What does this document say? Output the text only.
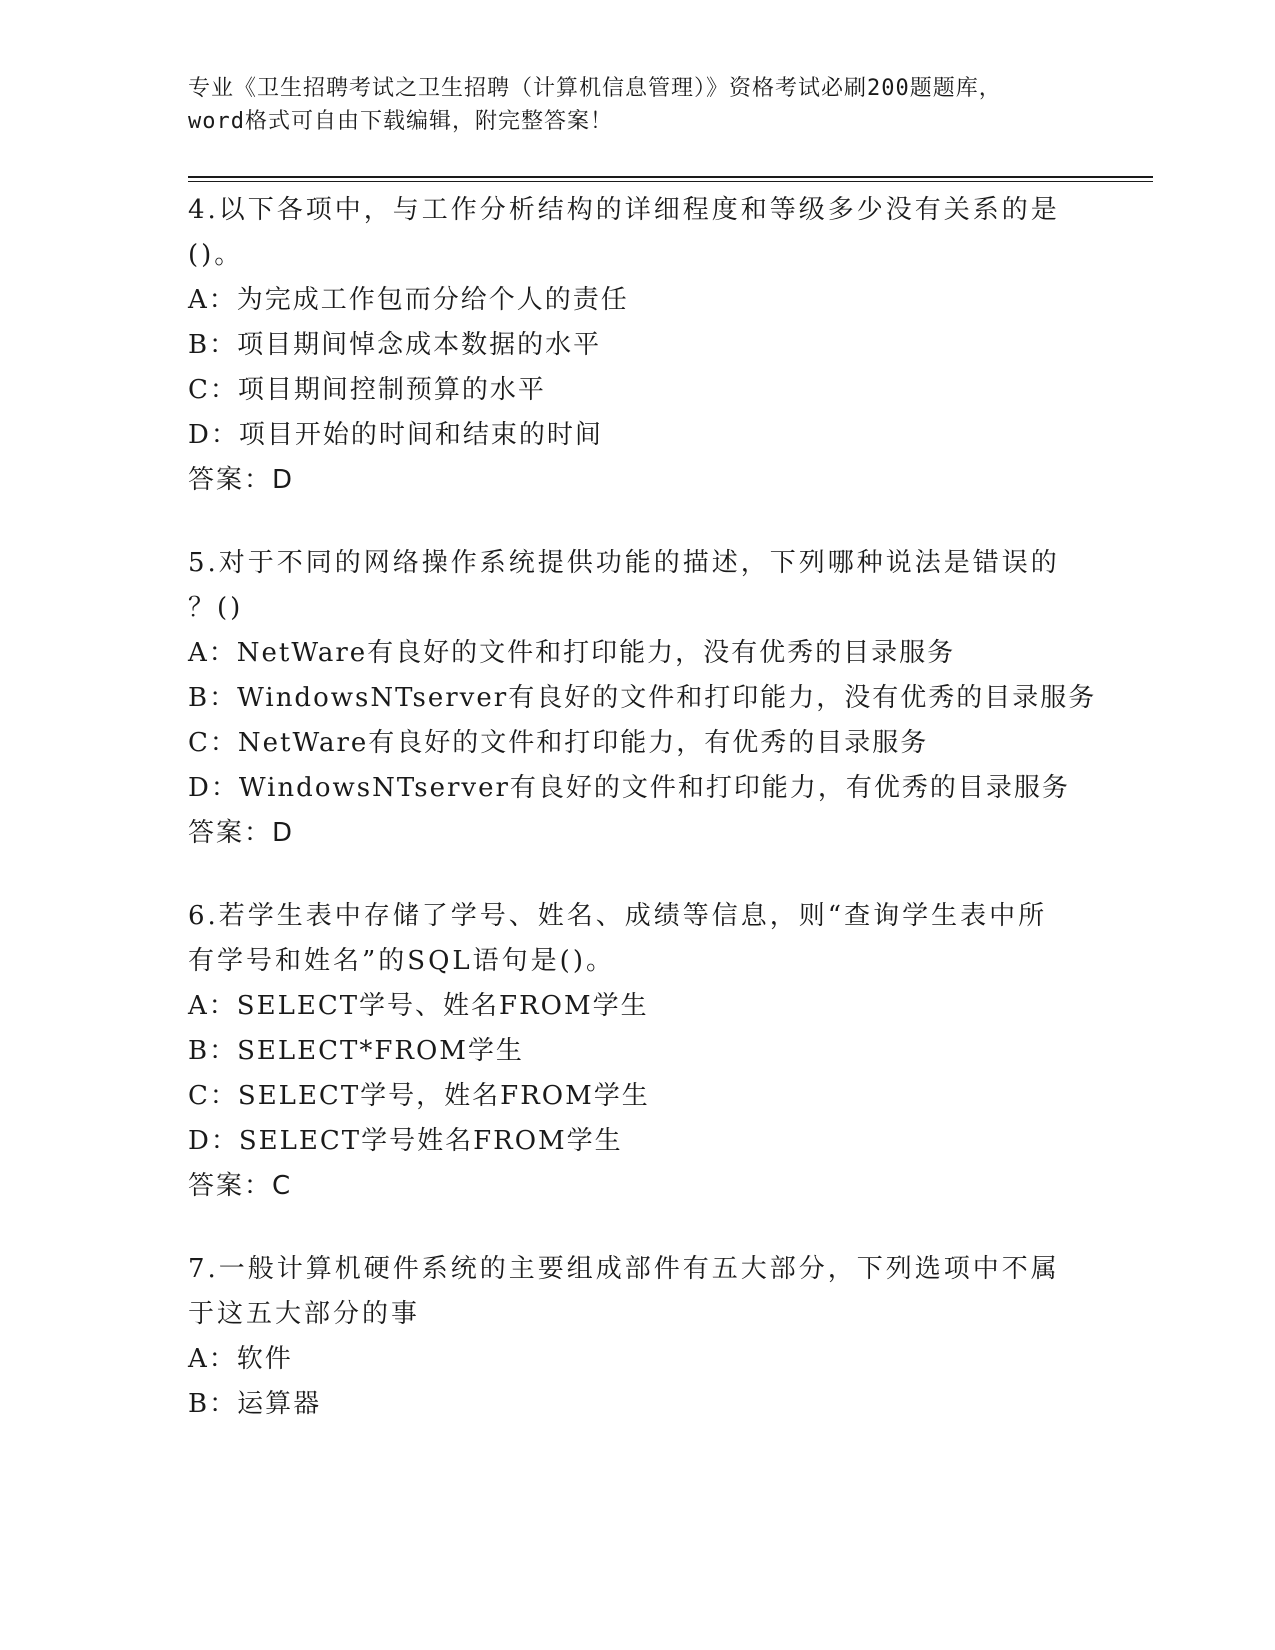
专业《卫生招聘考试之卫生招聘（计算机信息管理）》资格考试必刷200题题库，
word格式可自由下载编辑，附完整答案！

4.以下各项中，与工作分析结构的详细程度和等级多少没有关系的是

()。

A：为完成工作包而分给个人的责任

B：项目期间悼念成本数据的水平

C：项目期间控制预算的水平

D：项目开始的时间和结束的时间

答案：D

5.对于不同的网络操作系统提供功能的描述，下列哪种说法是错误的

？()

A：NetWare有良好的文件和打印能力，没有优秀的目录服务

B：WindowsNTserver有良好的文件和打印能力，没有优秀的目录服务

C：NetWare有良好的文件和打印能力，有优秀的目录服务

D：WindowsNTserver有良好的文件和打印能力，有优秀的目录服务

答案：D

6.若学生表中存储了学号、姓名、成绩等信息，则“查询学生表中所

有学号和姓名”的SQL语句是()。

A：SELECT学号、姓名FROM学生

B：SELECT*FROM学生

C：SELECT学号，姓名FROM学生

D：SELECT学号姓名FROM学生

答案：C

7.一般计算机硬件系统的主要组成部件有五大部分，下列选项中不属

于这五大部分的事

A：软件

B：运算器
